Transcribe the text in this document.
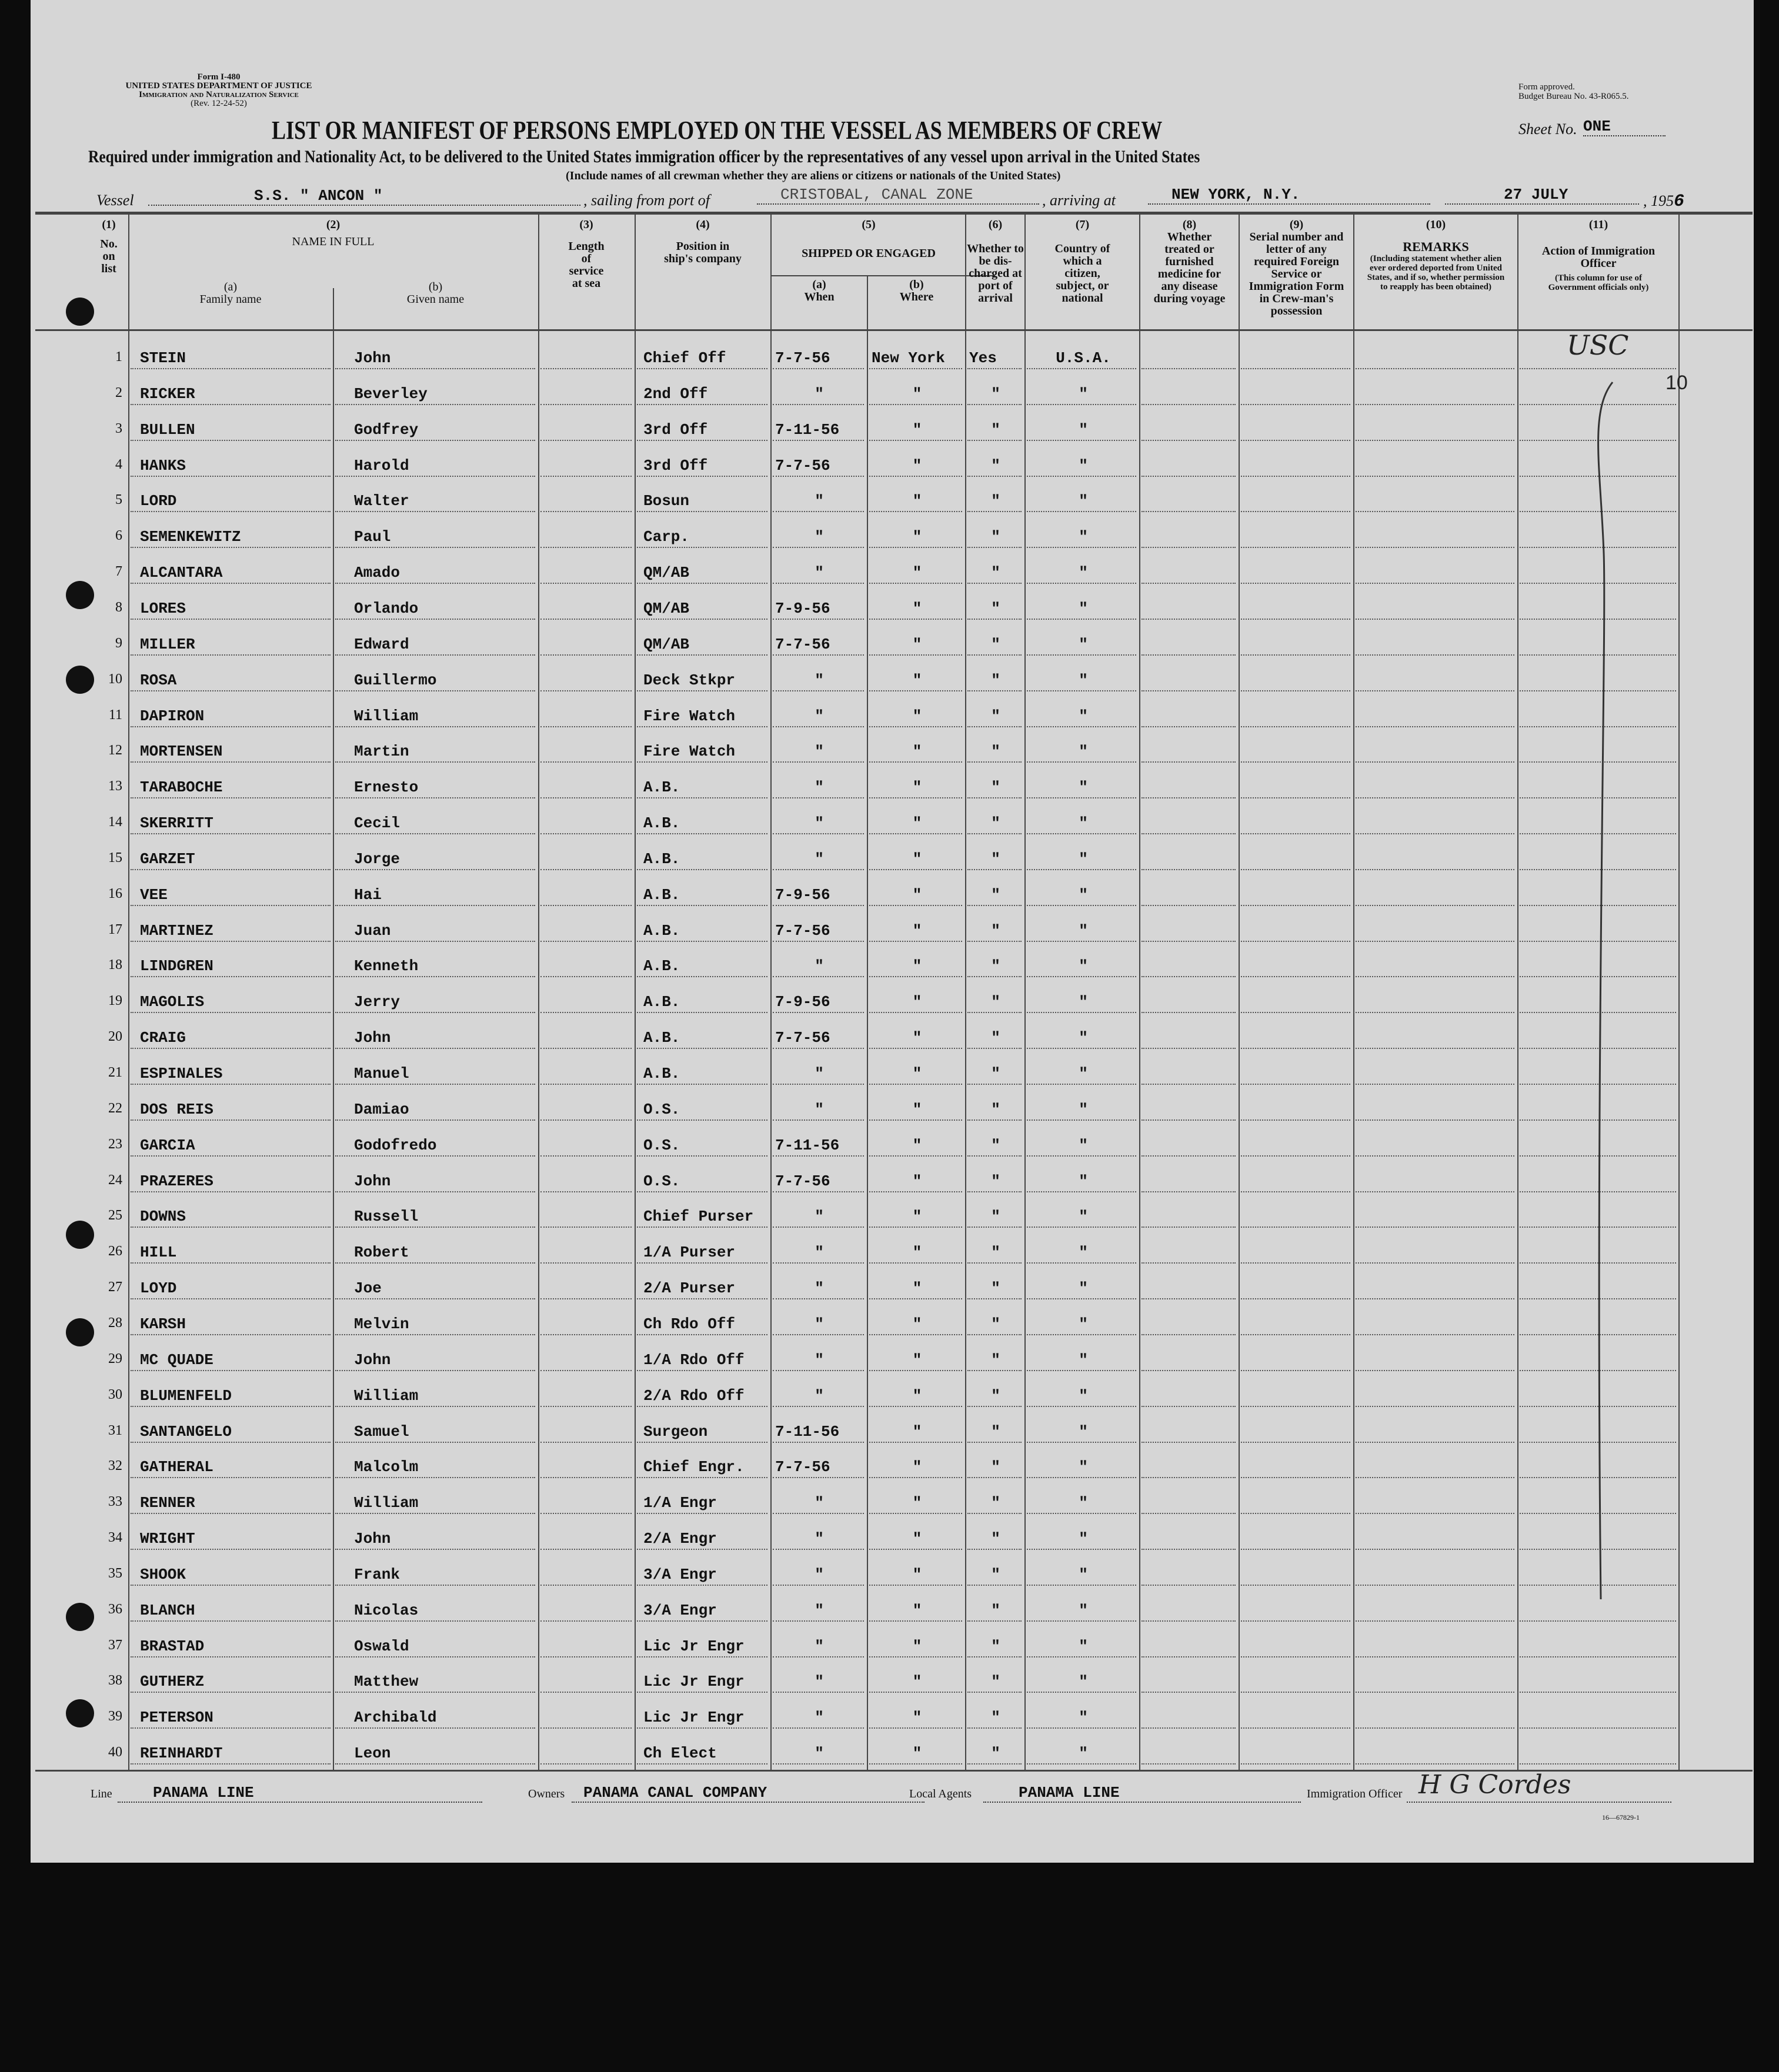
Form I-480
UNITED STATES DEPARTMENT OF JUSTICE
Immigration and Naturalization Service
(Rev. 12-24-52)
Form approved.
Budget Bureau No. 43-R065.5.
LIST OR MANIFEST OF PERSONS EMPLOYED ON THE VESSEL AS MEMBERS OF CREW	Sheet No. ONE
Required under immigration and Nationality Act, to be delivered to the United States immigration officer by the representatives of any vessel upon arrival in the United States
(Include names of all crewman whether they are aliens or citizens or nationals of the United States)
Vessel	S.S. " ANCON "	, sailing from port of	CRISTOBAL, CANAL ZONE	, arriving at	NEW YORK, N.Y.	27 JULY	, 1956
(1)
No. on list
(2)
NAME IN FULL
(a)
Family name
(b)
Given name
(3)
Length of service at sea
(4)
Position in ship's company
(5)
SHIPPED OR ENGAGED
(a)
When
(b)
Where
(6)
Whether to be dis-charged at port of arrival
(7)
Country of which a citizen, subject, or national
(8)
Whether treated or furnished medicine for any disease during voyage
(9)
Serial number and letter of any required Foreign Service or Immigration Form in Crew-man's possession
(10)
REMARKS
(Including statement whether alien ever ordered deported from United States, and if so, whether permission to reapply has been obtained)
(11)
Action of Immigration Officer
(This column for use of Government officials only)
1 STEIN	John	Chief Off	7-7-56	New York	Yes	U.S.A.
2 RICKER	Beverley	2nd Off	"	"	"	"
3 BULLEN	Godfrey	3rd Off	7-11-56	"	"	"
4 HANKS	Harold	3rd Off	7-7-56	"	"	"
5 LORD	Walter	Bosun	"	"	"	"
6 SEMENKEWITZ	Paul	Carp.	"	"	"	"
7 ALCANTARA	Amado	QM/AB	"	"	"	"
8 LORES	Orlando	QM/AB	7-9-56	"	"	"
9 MILLER	Edward	QM/AB	7-7-56	"	"	"
10 ROSA	Guillermo	Deck Stkpr	"	"	"	"
11 DAPIRON	William	Fire Watch	"	"	"	"
12 MORTENSEN	Martin	Fire Watch	"	"	"	"
13 TARABOCHE	Ernesto	A.B.	"	"	"	"
14 SKERRITT	Cecil	A.B.	"	"	"	"
15 GARZET	Jorge	A.B.	"	"	"	"
16 VEE	Hai	A.B.	7-9-56	"	"	"
17 MARTINEZ	Juan	A.B.	7-7-56	"	"	"
18 LINDGREN	Kenneth	A.B.	"	"	"	"
19 MAGOLIS	Jerry	A.B.	7-9-56	"	"	"
20 CRAIG	John	A.B.	7-7-56	"	"	"
21 ESPINALES	Manuel	A.B.	"	"	"	"
22 DOS REIS	Damiao	O.S.	"	"	"	"
23 GARCIA	Godofredo	O.S.	7-11-56	"	"	"
24 PRAZERES	John	O.S.	7-7-56	"	"	"
25 DOWNS	Russell	Chief Purser	"	"	"	"
26 HILL	Robert	1/A Purser	"	"	"	"
27 LOYD	Joe	2/A Purser	"	"	"	"
28 KARSH	Melvin	Ch Rdo Off	"	"	"	"
29 MC QUADE	John	1/A Rdo Off	"	"	"	"
30 BLUMENFELD	William	2/A Rdo Off	"	"	"	"
31 SANTANGELO	Samuel	Surgeon	7-11-56	"	"	"
32 GATHERAL	Malcolm	Chief Engr.	7-7-56	"	"	"
33 RENNER	William	1/A Engr	"	"	"	"
34 WRIGHT	John	2/A Engr	"	"	"	"
35 SHOOK	Frank	3/A Engr	"	"	"	"
36 BLANCH	Nicolas	3/A Engr	"	"	"	"
37 BRASTAD	Oswald	Lic Jr Engr	"	"	"	"
38 GUTHERZ	Matthew	Lic Jr Engr	"	"	"	"
39 PETERSON	Archibald	Lic Jr Engr	"	"	"	"
40 REINHARDT	Leon	Ch Elect	"	"	"	"
USC
10
Line	PANAMA LINE	Owners	PANAMA CANAL COMPANY	Local Agents	PANAMA LINE	Immigration Officer H G Cordes
16—67829-1
